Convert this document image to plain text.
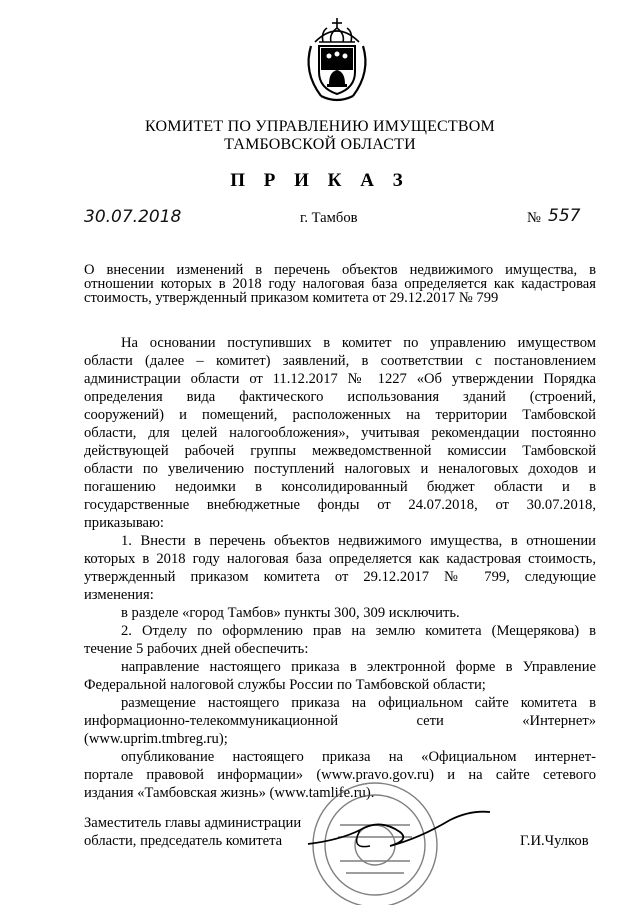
КОМИТЕТ ПО УПРАВЛЕНИЮ ИМУЩЕСТВОМ
ТАМБОВСКОЙ ОБЛАСТИ
П Р И К А З
30.07.2018	г. Тамбов	№ 557
О внесении изменений в перечень объектов недвижимого имущества, в
отношении которых в 2018 году налоговая база определяется как кадастровая
стоимость, утвержденный приказом комитета от 29.12.2017 № 799
На основании поступивших в комитет по управлению имуществом
области (далее – комитет) заявлений, в соответствии с постановлением
администрации области от 11.12.2017 № 1227 «Об утверждении Порядка
определения вида фактического использования зданий (строений,
сооружений) и помещений, расположенных на территории Тамбовской
области, для целей налогообложения», учитывая рекомендации постоянно
действующей рабочей группы межведомственной комиссии Тамбовской
области по увеличению поступлений налоговых и неналоговых доходов и
погашению недоимки в консолидированный бюджет области и в
государственные внебюджетные фонды от 24.07.2018, от 30.07.2018,
приказываю:
1. Внести в перечень объектов недвижимого имущества, в отношении
которых в 2018 году налоговая база определяется как кадастровая стоимость,
утвержденный приказом комитета от 29.12.2017 № 799, следующие
изменения:
в разделе «город Тамбов» пункты 300, 309 исключить.
2. Отделу по оформлению прав на землю комитета (Мещерякова) в
течение 5 рабочих дней обеспечить:
направление настоящего приказа в электронной форме в Управление
Федеральной налоговой службы России по Тамбовской области;
размещение настоящего приказа на официальном сайте комитета в
информационно-телекоммуникационной сети «Интернет»
(www.uprim.tmbreg.ru);
опубликование настоящего приказа на «Официальном интернет-
портале правовой информации» (www.pravo.gov.ru) и на сайте сетевого
издания «Тамбовская жизнь» (www.tamlife.ru).
Заместитель главы администрации
области, председатель комитета	Г.И.Чулков
